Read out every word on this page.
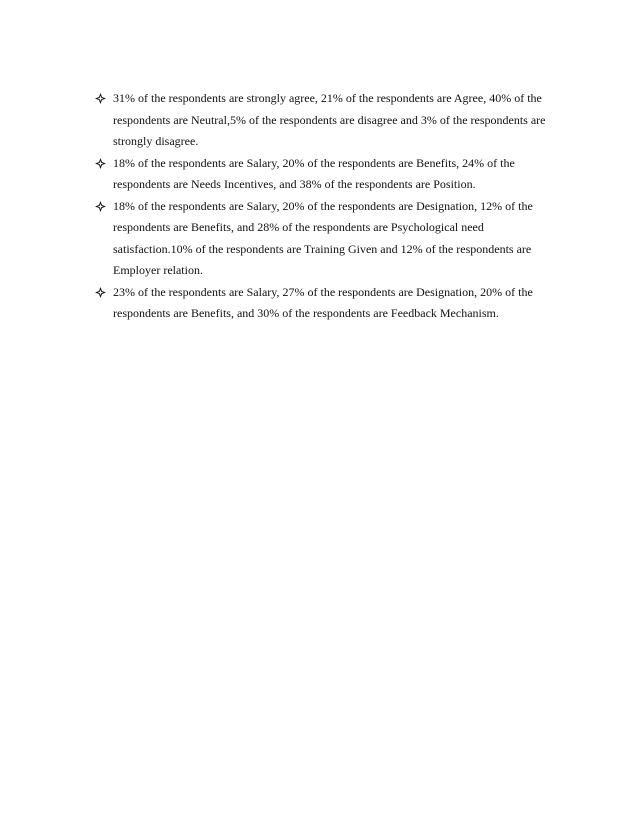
31% of the respondents are strongly agree, 21% of the respondents are Agree, 40% of the respondents are Neutral,5% of the respondents are disagree and 3% of the respondents are strongly disagree.
18% of the respondents are Salary, 20% of the respondents are Benefits, 24% of the respondents are Needs Incentives, and 38% of the respondents are Position.
18% of the respondents are Salary, 20% of the respondents are Designation, 12% of the respondents are Benefits, and 28% of the respondents are Psychological need satisfaction.10% of the respondents are Training Given and 12% of the respondents are Employer relation.
23% of the respondents are Salary, 27% of the respondents are Designation, 20% of the respondents are Benefits, and 30% of the respondents are Feedback Mechanism.
